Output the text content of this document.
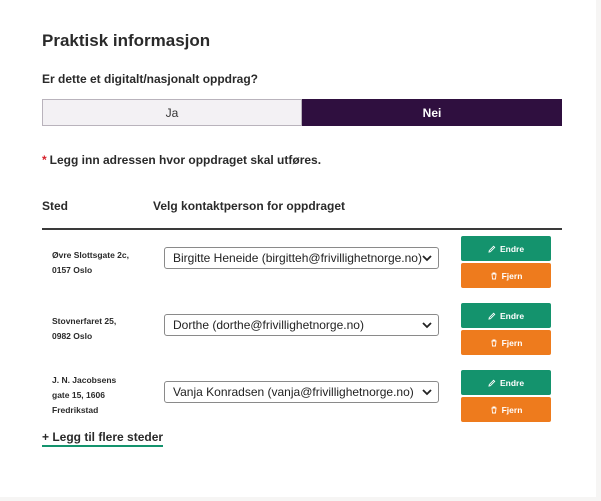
Praktisk informasjon
Er dette et digitalt/nasjonalt oppdrag?
Ja	Nei
* Legg inn adressen hvor oppdraget skal utføres.
Sted	Velg kontaktperson for oppdraget
Øvre Slottsgate 2c,
0157 Oslo
Birgitte Heneide (birgitteh@frivillighetnorge.no)
Endre
Fjern
Stovnerfaret 25,
0982 Oslo
Dorthe (dorthe@frivillighetnorge.no)
Endre
Fjern
J. N. Jacobsens
gate 15, 1606
Fredrikstad
Vanja Konradsen (vanja@frivillighetnorge.no)
Endre
Fjern
+ Legg til flere steder
